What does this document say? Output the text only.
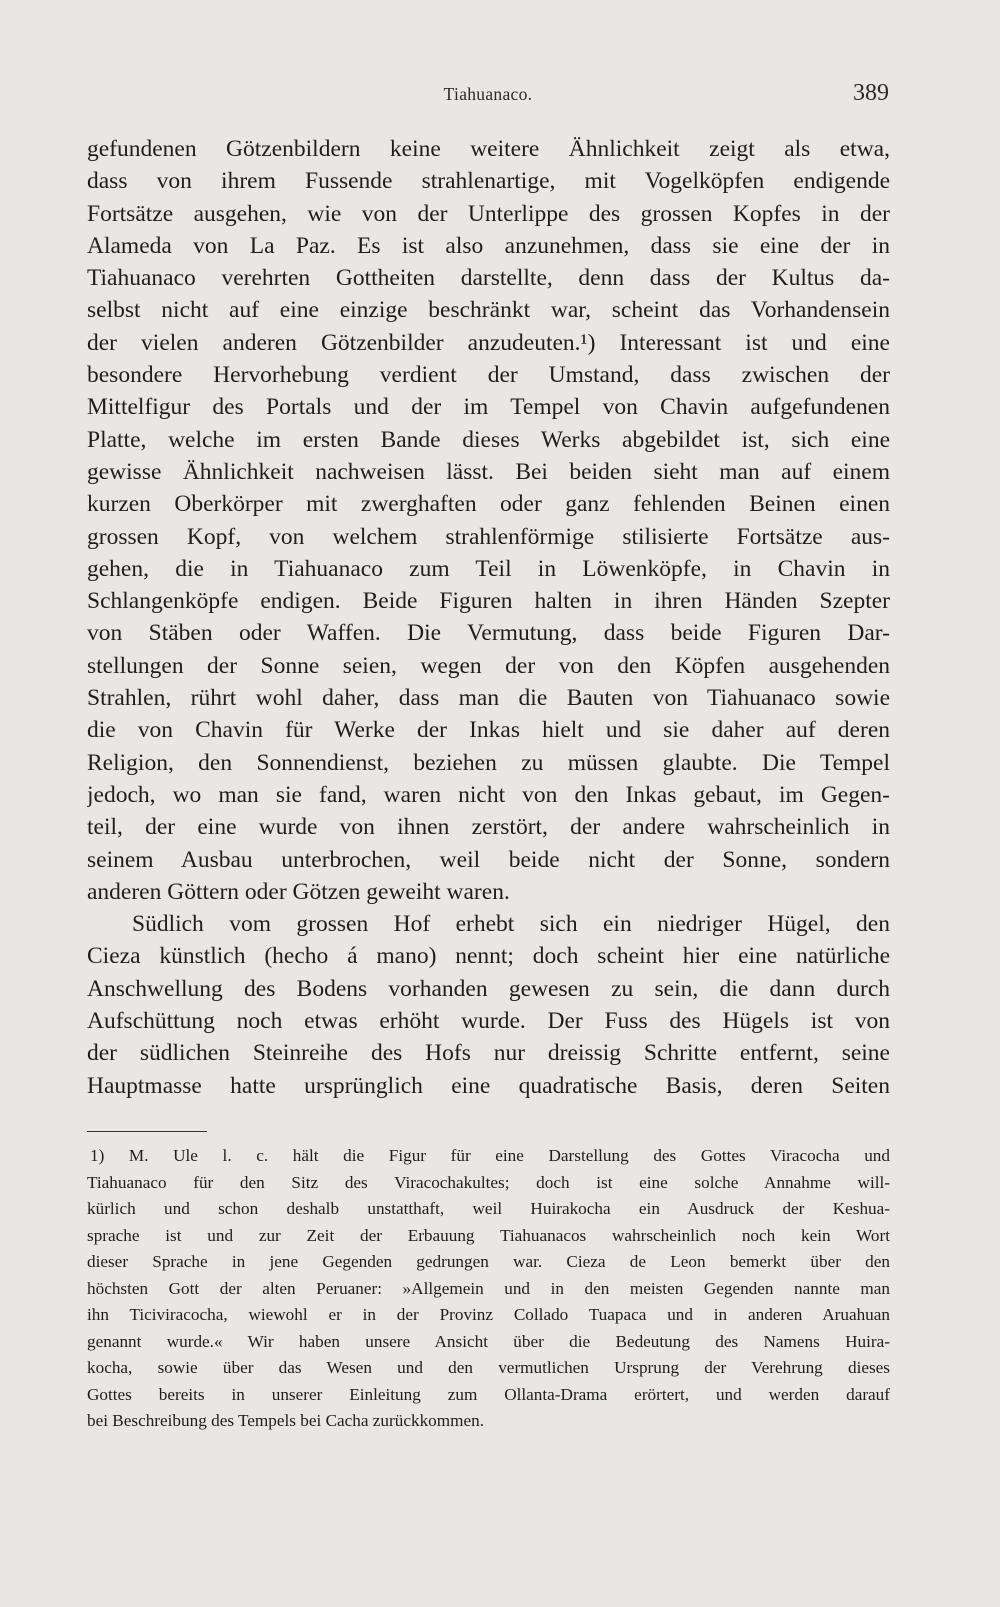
Tiahuanaco.	389
gefundenen Götzenbildern keine weitere Ähnlichkeit zeigt als etwa,
dass von ihrem Fussende strahlenartige, mit Vogelköpfen endigende
Fortsätze ausgehen, wie von der Unterlippe des grossen Kopfes in der
Alameda von La Paz. Es ist also anzunehmen, dass sie eine der in
Tiahuanaco verehrten Gottheiten darstellte, denn dass der Kultus da-
selbst nicht auf eine einzige beschränkt war, scheint das Vorhandensein
der vielen anderen Götzenbilder anzudeuten.¹) Interessant ist und eine
besondere Hervorhebung verdient der Umstand, dass zwischen der
Mittelfigur des Portals und der im Tempel von Chavin aufgefundenen
Platte, welche im ersten Bande dieses Werks abgebildet ist, sich eine
gewisse Ähnlichkeit nachweisen lässt. Bei beiden sieht man auf einem
kurzen Oberkörper mit zwerghaften oder ganz fehlenden Beinen einen
grossen Kopf, von welchem strahlenförmige stilisierte Fortsätze aus-
gehen, die in Tiahuanaco zum Teil in Löwenköpfe, in Chavin in
Schlangenköpfe endigen. Beide Figuren halten in ihren Händen Szepter
von Stäben oder Waffen. Die Vermutung, dass beide Figuren Dar-
stellungen der Sonne seien, wegen der von den Köpfen ausgehenden
Strahlen, rührt wohl daher, dass man die Bauten von Tiahuanaco sowie
die von Chavin für Werke der Inkas hielt und sie daher auf deren
Religion, den Sonnendienst, beziehen zu müssen glaubte. Die Tempel
jedoch, wo man sie fand, waren nicht von den Inkas gebaut, im Gegen-
teil, der eine wurde von ihnen zerstört, der andere wahrscheinlich in
seinem Ausbau unterbrochen, weil beide nicht der Sonne, sondern
anderen Göttern oder Götzen geweiht waren.
Südlich vom grossen Hof erhebt sich ein niedriger Hügel, den
Cieza künstlich (hecho á mano) nennt; doch scheint hier eine natürliche
Anschwellung des Bodens vorhanden gewesen zu sein, die dann durch
Aufschüttung noch etwas erhöht wurde. Der Fuss des Hügels ist von
der südlichen Steinreihe des Hofs nur dreissig Schritte entfernt, seine
Hauptmasse hatte ursprünglich eine quadratische Basis, deren Seiten
1) M. Ule l. c. hält die Figur für eine Darstellung des Gottes Viracocha und
Tiahuanaco für den Sitz des Viracochakultes; doch ist eine solche Annahme will-
kürlich und schon deshalb unstatthaft, weil Huirakocha ein Ausdruck der Keshua-
sprache ist und zur Zeit der Erbauung Tiahuanacos wahrscheinlich noch kein Wort
dieser Sprache in jene Gegenden gedrungen war. Cieza de Leon bemerkt über den
höchsten Gott der alten Peruaner: »Allgemein und in den meisten Gegenden nannte man
ihn Ticiviracocha, wiewohl er in der Provinz Collado Tuapaca und in anderen Aruahuan
genannt wurde.« Wir haben unsere Ansicht über die Bedeutung des Namens Huira-
kocha, sowie über das Wesen und den vermutlichen Ursprung der Verehrung dieses
Gottes bereits in unserer Einleitung zum Ollanta-Drama erörtert, und werden darauf
bei Beschreibung des Tempels bei Cacha zurückkommen.
